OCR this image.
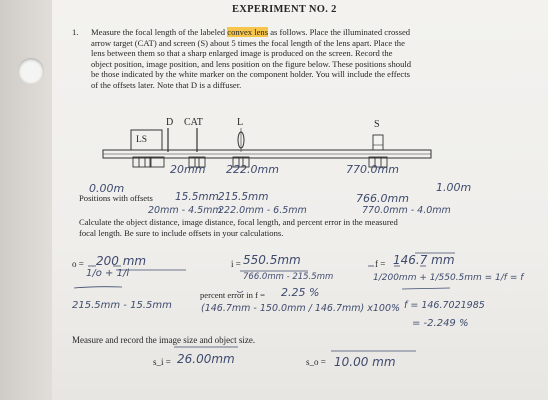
EXPERIMENT NO. 2
1. Measure the focal length of the labeled convex lens as follows. Place the illuminated crossed
arrow target (CAT) and screen (S) about 5 times the focal length of the lens apart. Place the
lens between them so that a sharp enlarged image is produced on the screen. Record the
object position, image position, and lens position on the figure below. These positions should
be those indicated by the white marker on the component holder. You will include the effects
of the offsets later. Note that D is a diffuser.
LS
D CAT	L	S
20mm 222.0mm	770.0mm
0.00m	1.00m
766.0mm
Positions with offsets 15.5mm 215.5mm
20mm - 4.5mm
222.0mm - 6.5mm	770.0mm - 4.0mm
Calculate the object distance, image distance, focal length, and percent error in the measured
focal length. Be sure to include offsets in your calculations.
o = 200 mm
1/o + 1/i
215.5mm - 15.5mm
i = 550.5mm
766.0mm - 215.5mm
f = 146.7 mm
1/200mm + 1/550.5mm = 1/f = f
f = 146.7021985
percent error in f = 2.25 %
(146.7mm - 150.0mm / 146.7mm) x100%
= -2.249 %
Measure and record the image size and object size.
s_i = 26.00mm	s_o = 10.00 mm
